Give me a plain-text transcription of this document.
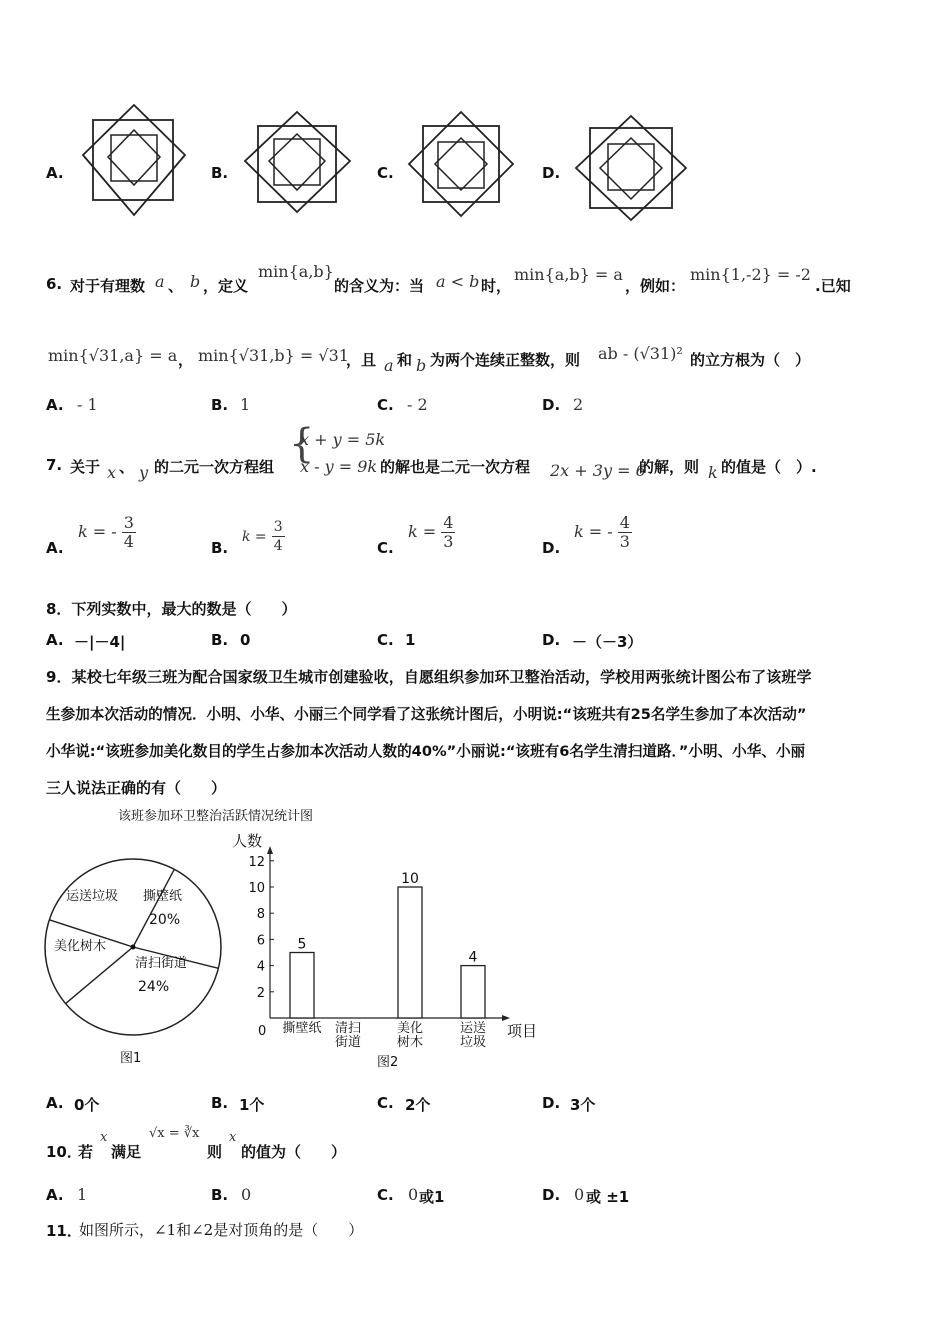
A.	B.	C.	D.
6. 对于有理数 a 、 b ，定义
min{a,b}
的含义为：当 a < b 时，
min{a,b} = a
，例如：
min{1,-2} = -2
.已知
min{√31,a} = a ， min{√31,b} = √31
，且 a 和 b 为两个连续正整数，则 ab - (√31)² 的立方根为（　）
A. - 1	B. 1	C. - 2	D. 2
7. 关于 x 、 y 的二元一次方程组 {
x + y = 5k
x - y = 9k 的解也是二元一次方程 2x + 3y = 6
的解，则 k 的值是（　）.
A.
k = - $\frac{3}{4}$	B.
$k = \frac{3}{4}$	C.
$k = \frac{4}{3}$	D.
k = - $\frac{4}{3}$
8．下列实数中，最大的数是（　　）
A. －|－4|	B. 0	C. 1	D. －（－3）
9．某校七年级三班为配合国家级卫生城市创建验收，自愿组织参加环卫整治活动，学校用两张统计图公布了该班学
生参加本次活动的情况．小明、小华、小丽三个同学看了这张统计图后，小明说:“该班共有25名学生参加了本次活动”
小华说:“该班参加美化数目的学生占参加本次活动人数的40%”小丽说:“该班有6名学生清扫道路．”小明、小华、小丽
三人说法正确的有（　　）
该班参加环卫整治活跃情况统计图
撕壁纸
20%
清扫街道
24%
美化树木
运送垃圾
图1
2
4
6
8
10
12
5
10
4
撕壁纸 清扫
街道
美化
树木
运送
垃圾
人数
项目
0
图2
A. 0个	B. 1个	C. 2个	D. 3个
10．
若
x
满足
√x = ∛x
则
x
的值为（　　）
A. 1	B. 0	C. 0 或1	D. 0 或 ±1
11．
如图所示，∠1和∠2是对顶角的是（　　）
